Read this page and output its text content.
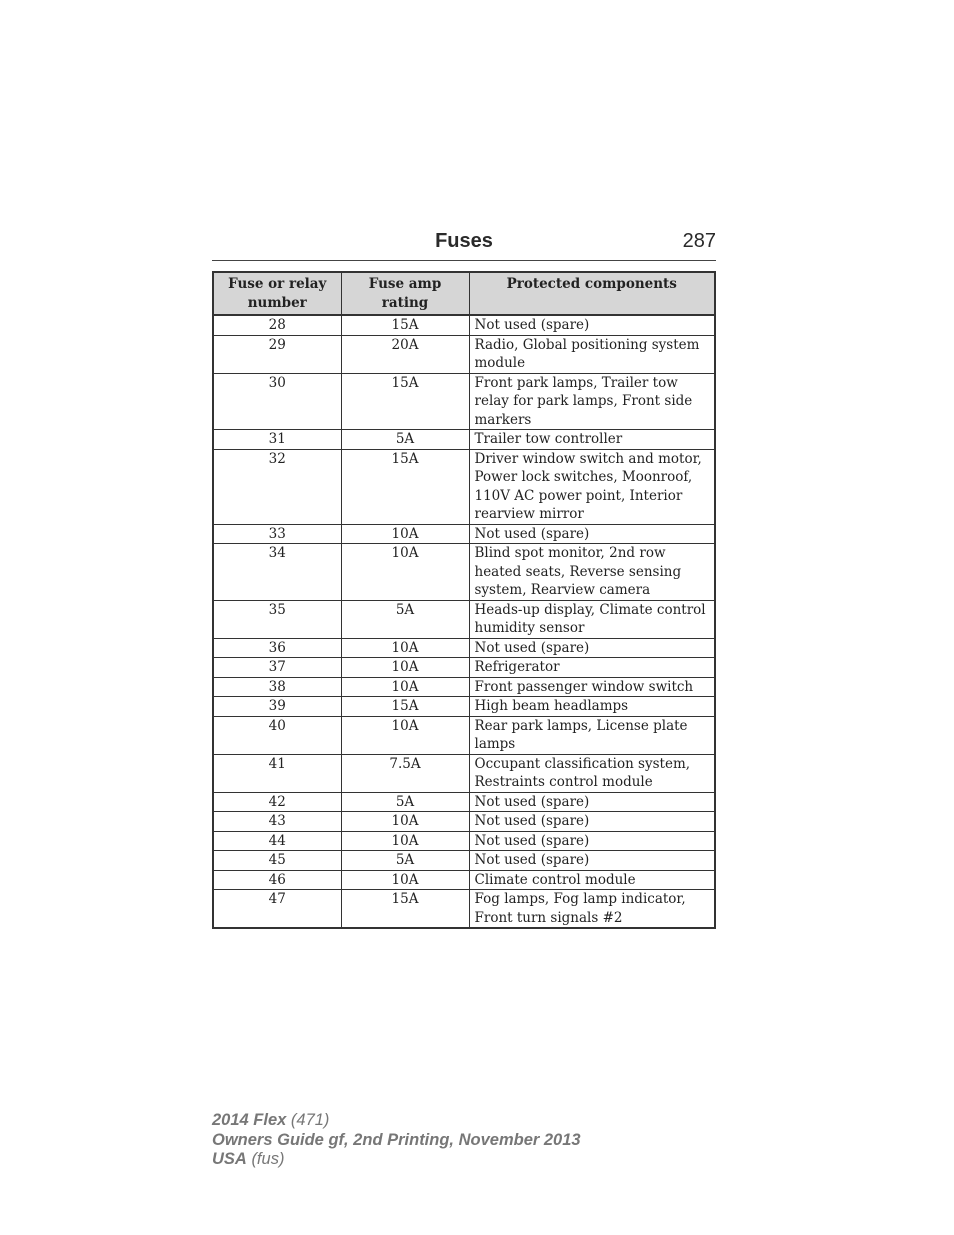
Fuses	287
Fuse or relay number	Fuse amp rating	Protected components
28	15A	Not used (spare)
29	20A	Radio, Global positioning system module
30	15A	Front park lamps, Trailer tow relay for park lamps, Front side markers
31	5A	Trailer tow controller
32	15A	Driver window switch and motor, Power lock switches, Moonroof, 110V AC power point, Interior rearview mirror
33	10A	Not used (spare)
34	10A	Blind spot monitor, 2nd row heated seats, Reverse sensing system, Rearview camera
35	5A	Heads-up display, Climate control humidity sensor
36	10A	Not used (spare)
37	10A	Refrigerator
38	10A	Front passenger window switch
39	15A	High beam headlamps
40	10A	Rear park lamps, License plate lamps
41	7.5A	Occupant classification system, Restraints control module
42	5A	Not used (spare)
43	10A	Not used (spare)
44	10A	Not used (spare)
45	5A	Not used (spare)
46	10A	Climate control module
47	15A	Fog lamps, Fog lamp indicator, Front turn signals #2
2014 Flex (471)
Owners Guide gf, 2nd Printing, November 2013
USA (fus)
